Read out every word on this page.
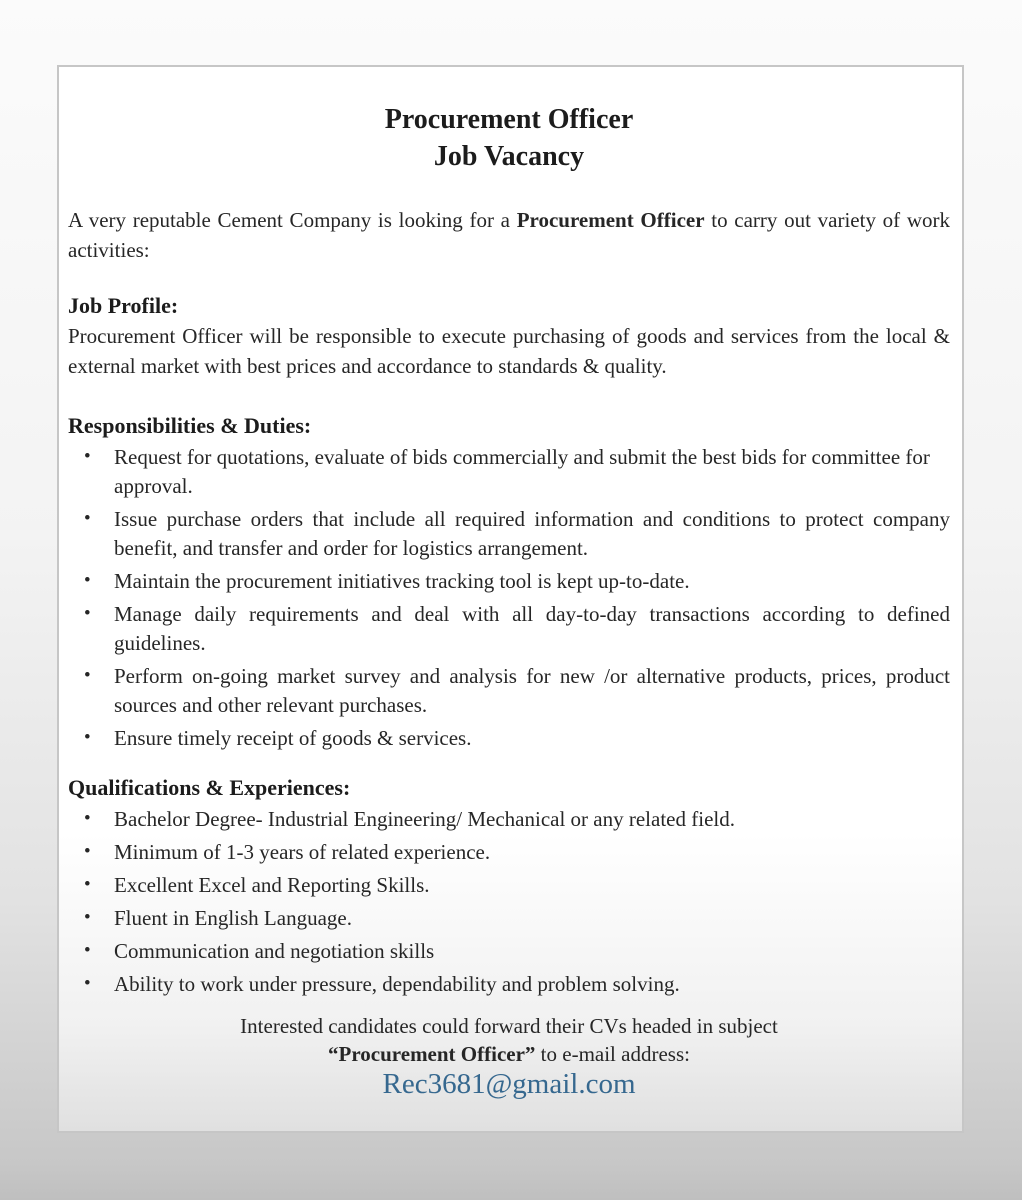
Procurement Officer
Job Vacancy
A very reputable Cement Company is looking for a Procurement Officer to carry out variety of work activities:
Job Profile:
Procurement Officer will be responsible to execute purchasing of goods and services from the local & external market with best prices and accordance to standards & quality.
Responsibilities & Duties:
• Request for quotations, evaluate of bids commercially and submit the best bids for committee for approval.
• Issue purchase orders that include all required information and conditions to protect company benefit, and transfer and order for logistics arrangement.
• Maintain the procurement initiatives tracking tool is kept up-to-date.
• Manage daily requirements and deal with all day-to-day transactions according to defined guidelines.
• Perform on-going market survey and analysis for new /or alternative products, prices, product sources and other relevant purchases.
• Ensure timely receipt of goods & services.
Qualifications & Experiences:
• Bachelor Degree- Industrial Engineering/ Mechanical or any related field.
• Minimum of 1-3 years of related experience.
• Excellent Excel and Reporting Skills.
• Fluent in English Language.
• Communication and negotiation skills
• Ability to work under pressure, dependability and problem solving.
Interested candidates could forward their CVs headed in subject
“Procurement Officer” to e-mail address:
Rec3681@gmail.com
